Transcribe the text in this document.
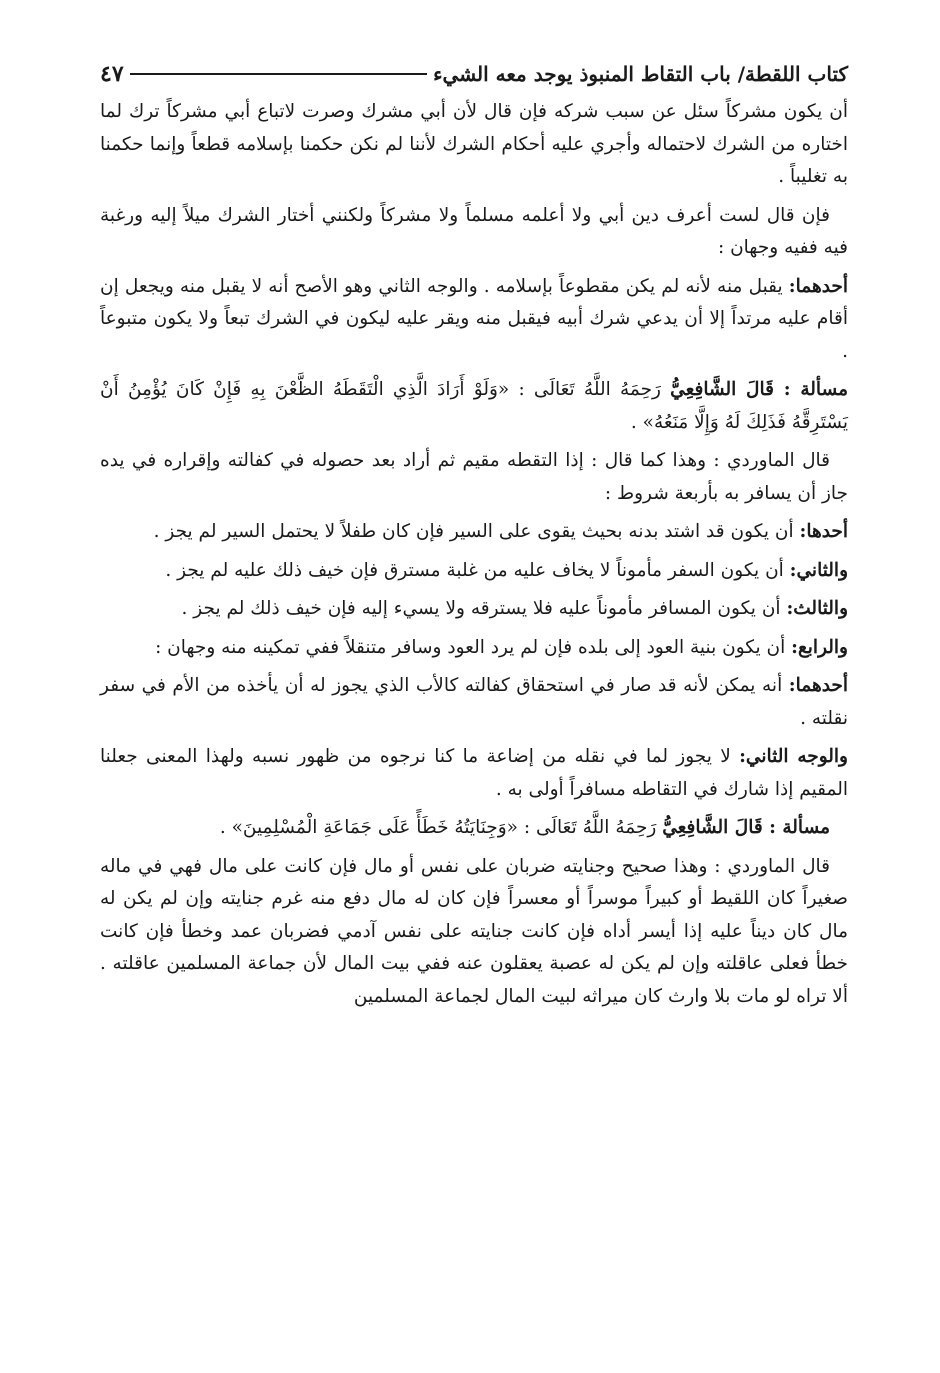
كتاب اللقطة/ باب التقاط المنبوذ يوجد معه الشيء
٤٧

أن يكون مشركاً سئل عن سبب شركه فإن قال لأن أبي مشرك وصرت لاتباع أبي مشركاً ترك لما اختاره من الشرك لاحتماله وأجري عليه أحكام الشرك لأننا لم نكن حكمنا بإسلامه قطعاً وإنما حكمنا به تغليباً .

فإن قال لست أعرف دين أبي ولا أعلمه مسلماً ولا مشركاً ولكنني أختار الشرك ميلاً إليه ورغبة فيه ففيه وجهان :

أحدهما: يقبل منه لأنه لم يكن مقطوعاً بإسلامه . والوجه الثاني وهو الأصح أنه لا يقبل منه ويجعل إن أقام عليه مرتداً إلا أن يدعي شرك أبيه فيقبل منه ويقر عليه ليكون في الشرك تبعاً ولا يكون متبوعاً .

مسألة : قَالَ الشَّافِعِيُّ رَحِمَهُ اللَّهُ تَعَالَى : «وَلَوْ أَرَادَ الَّذِي الْتَقَطَهُ الظَّعْنَ بِهِ فَإِنْ كَانَ يُؤْمِنُ أَنْ يَسْتَرِقَّهُ فَذَلِكَ لَهُ وَإِلَّا مَنَعُهُ» .

قال الماوردي : وهذا كما قال : إذا التقطه مقيم ثم أراد بعد حصوله في كفالته وإقراره في يده جاز أن يسافر به بأربعة شروط :

أحدها: أن يكون قد اشتد بدنه بحيث يقوى على السير فإن كان طفلاً لا يحتمل السير لم يجز .

والثاني: أن يكون السفر مأموناً لا يخاف عليه من غلبة مسترق فإن خيف ذلك عليه لم يجز .

والثالث: أن يكون المسافر مأموناً عليه فلا يسترقه ولا يسيء إليه فإن خيف ذلك لم يجز .

والرابع: أن يكون بنية العود إلى بلده فإن لم يرد العود وسافر متنقلاً ففي تمكينه منه وجهان :

أحدهما: أنه يمكن لأنه قد صار في استحقاق كفالته كالأب الذي يجوز له أن يأخذه من الأم في سفر نقلته .

والوجه الثاني: لا يجوز لما في نقله من إضاعة ما كنا نرجوه من ظهور نسبه ولهذا المعنى جعلنا المقيم إذا شارك في التقاطه مسافراً أولى به .

مسألة : قَالَ الشَّافِعِيُّ رَحِمَهُ اللَّهُ تَعَالَى : «وَجِنَايَتُهُ خَطَأً عَلَى جَمَاعَةِ الْمُسْلِمِينَ» .

قال الماوردي : وهذا صحيح وجنايته ضربان على نفس أو مال فإن كانت على مال فهي في ماله صغيراً كان اللقيط أو كبيراً موسراً أو معسراً فإن كان له مال دفع منه غرم جنايته وإن لم يكن له مال كان ديناً عليه إذا أيسر أداه فإن كانت جنايته على نفس آدمي فضربان عمد وخطأ فإن كانت خطأ فعلى عاقلته وإن لم يكن له عصبة يعقلون عنه ففي بيت المال لأن جماعة المسلمين عاقلته . ألا تراه لو مات بلا وارث كان ميراثه لبيت المال لجماعة المسلمين
